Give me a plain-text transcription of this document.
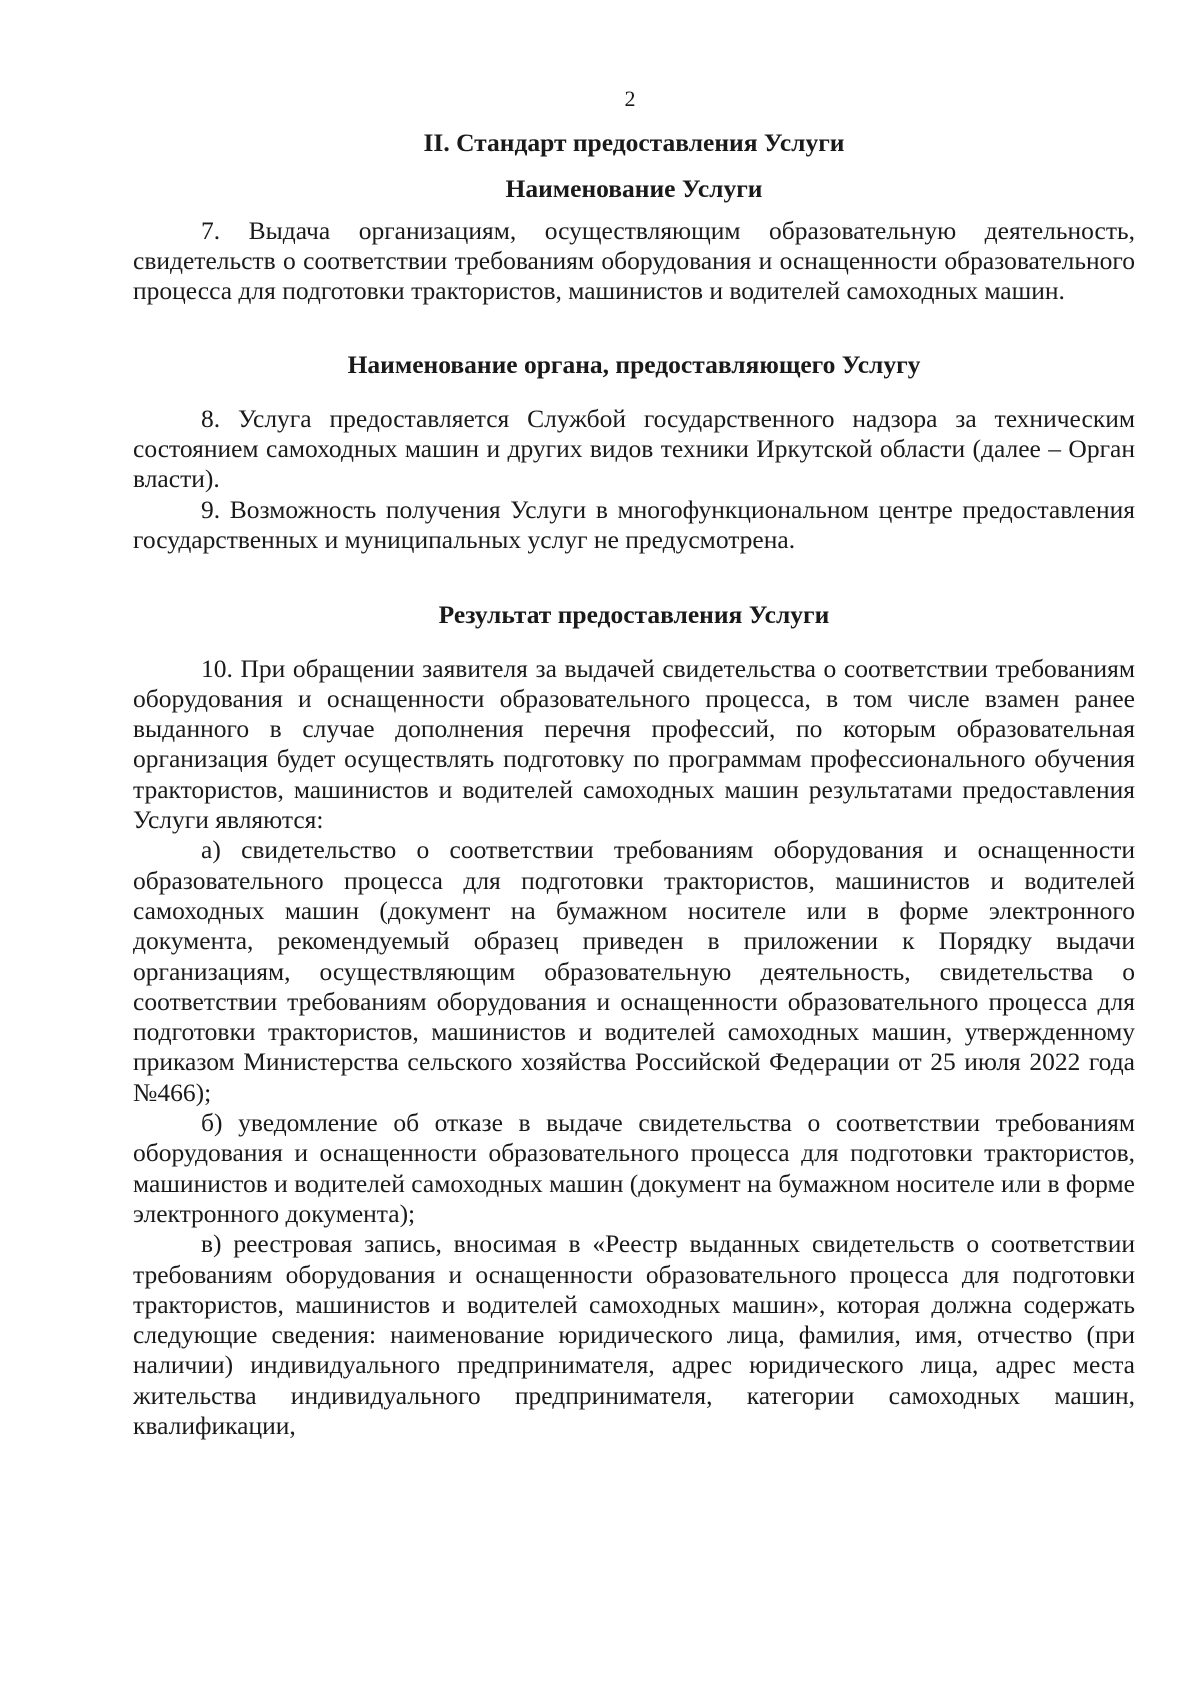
2

II. Стандарт предоставления Услуги

Наименование Услуги

7. Выдача организациям, осуществляющим образовательную деятельность, свидетельств о соответствии требованиям оборудования и оснащенности образовательного процесса для подготовки трактористов, машинистов и водителей самоходных машин.

Наименование органа, предоставляющего Услугу

8. Услуга предоставляется Службой государственного надзора за техническим состоянием самоходных машин и других видов техники Иркутской области (далее – Орган власти).

9. Возможность получения Услуги в многофункциональном центре предоставления государственных и муниципальных услуг не предусмотрена.

Результат предоставления Услуги

10. При обращении заявителя за выдачей свидетельства о соответствии требованиям оборудования и оснащенности образовательного процесса, в том числе взамен ранее выданного в случае дополнения перечня профессий, по которым образовательная организация будет осуществлять подготовку по программам профессионального обучения трактористов, машинистов и водителей самоходных машин результатами предоставления Услуги являются:

а) свидетельство о соответствии требованиям оборудования и оснащенности образовательного процесса для подготовки трактористов, машинистов и водителей самоходных машин (документ на бумажном носителе или в форме электронного документа, рекомендуемый образец приведен в приложении к Порядку выдачи организациям, осуществляющим образовательную деятельность, свидетельства о соответствии требованиям оборудования и оснащенности образовательного процесса для подготовки трактористов, машинистов и водителей самоходных машин, утвержденному приказом Министерства сельского хозяйства Российской Федерации от 25 июля 2022 года №466);

б) уведомление об отказе в выдаче свидетельства о соответствии требованиям оборудования и оснащенности образовательного процесса для подготовки трактористов, машинистов и водителей самоходных машин (документ на бумажном носителе или в форме электронного документа);

в) реестровая запись, вносимая в «Реестр выданных свидетельств о соответствии требованиям оборудования и оснащенности образовательного процесса для подготовки трактористов, машинистов и водителей самоходных машин», которая должна содержать следующие сведения: наименование юридического лица, фамилия, имя, отчество (при наличии) индивидуального предпринимателя, адрес юридического лица, адрес места жительства индивидуального предпринимателя, категории самоходных машин, квалификации,
